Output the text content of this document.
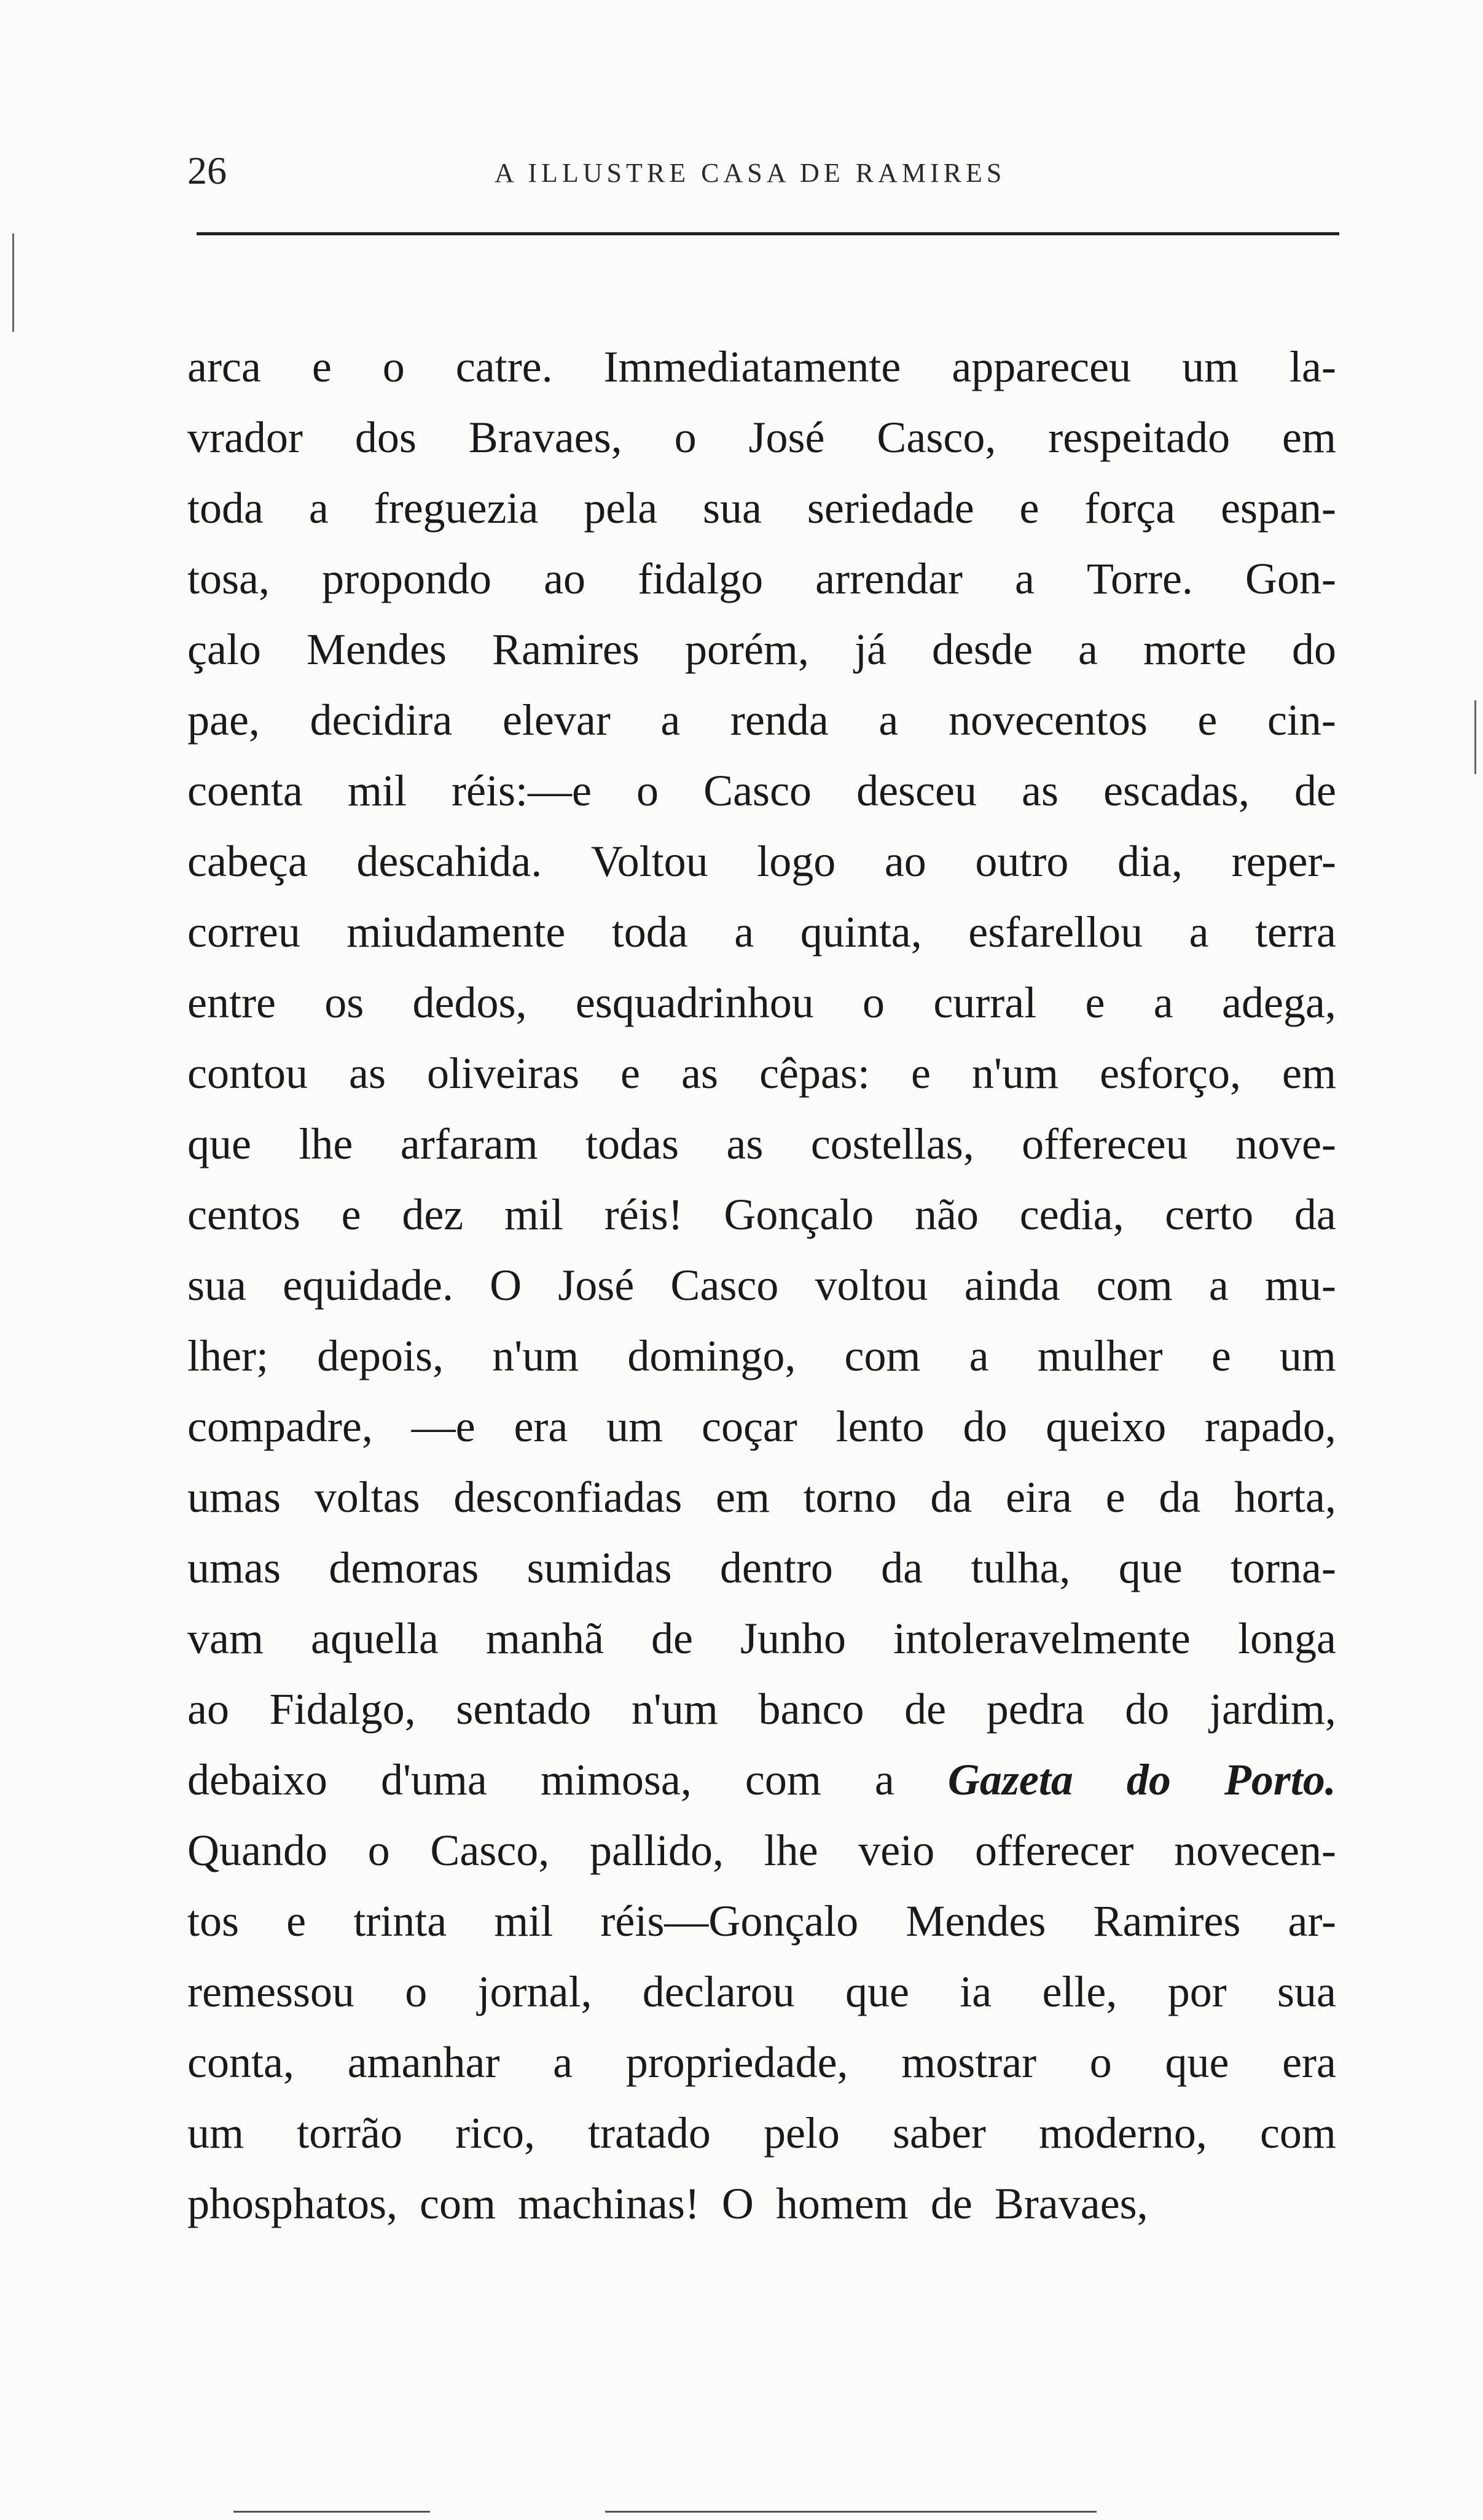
26	A ILLUSTRE CASA DE RAMIRES
arca e o catre. Immediatamente appareceu um la-
vrador dos Bravaes, o José Casco, respeitado em
toda a freguezia pela sua seriedade e força espan-
tosa, propondo ao fidalgo arrendar a Torre. Gon-
çalo Mendes Ramires porém, já desde a morte do
pae, decidira elevar a renda a novecentos e cin-
coenta mil réis:—e o Casco desceu as escadas, de
cabeça descahida. Voltou logo ao outro dia, reper-
correu miudamente toda a quinta, esfarellou a terra
entre os dedos, esquadrinhou o curral e a adega,
contou as oliveiras e as cêpas: e n'um esforço, em
que lhe arfaram todas as costellas, offereceu nove-
centos e dez mil réis! Gonçalo não cedia, certo da
sua equidade. O José Casco voltou ainda com a mu-
lher; depois, n'um domingo, com a mulher e um
compadre, —e era um coçar lento do queixo rapado,
umas voltas desconfiadas em torno da eira e da horta,
umas demoras sumidas dentro da tulha, que torna-
vam aquella manhã de Junho intoleravelmente longa
ao Fidalgo, sentado n'um banco de pedra do jardim,
debaixo d'uma mimosa, com a Gazeta do Porto.
Quando o Casco, pallido, lhe veio offerecer novecen-
tos e trinta mil réis—Gonçalo Mendes Ramires ar-
remessou o jornal, declarou que ia elle, por sua
conta, amanhar a propriedade, mostrar o que era
um torrão rico, tratado pelo saber moderno, com
phosphatos,
com
machinas!
O
homem
de
Bravaes,
